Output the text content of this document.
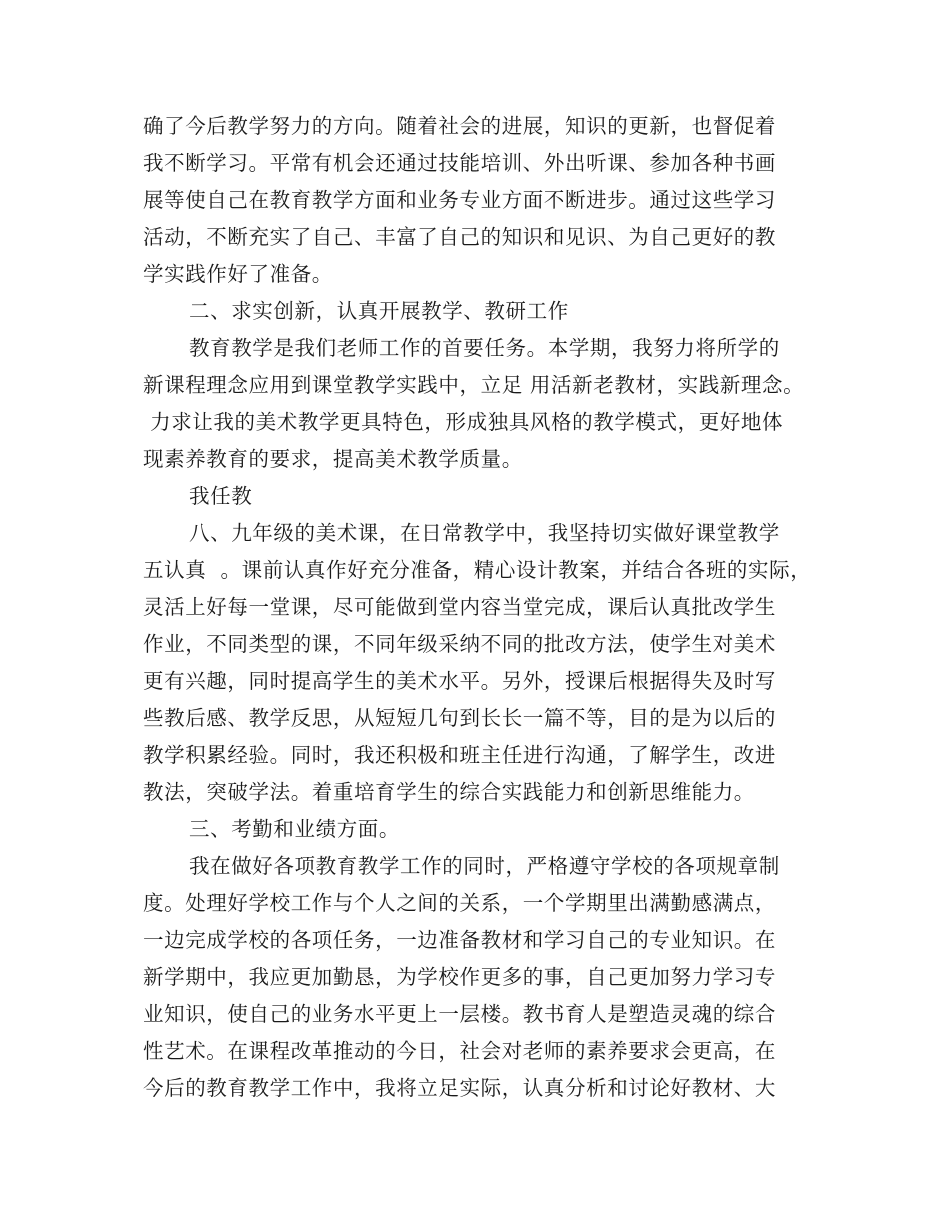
确了今后教学努力的方向。随着社会的进展，知识的更新，也督促着
我不断学习。平常有机会还通过技能培训、外出听课、参加各种书画
展等使自己在教育教学方面和业务专业方面不断进步。通过这些学习
活动，不断充实了自己、丰富了自己的知识和见识、为自己更好的教
学实践作好了准备。
二、求实创新，认真开展教学、教研工作
教育教学是我们老师工作的首要任务。本学期，我努力将所学的
新课程理念应用到课堂教学实践中，立足 用活新老教材，实践新理念。
力求让我的美术教学更具特色，形成独具风格的教学模式，更好地体
现素养教育的要求，提高美术教学质量。
我任教
八、九年级的美术课，在日常教学中，我坚持切实做好课堂教学
五认真  。课前认真作好充分准备，精心设计教案，并结合各班的实际，
灵活上好每一堂课，尽可能做到堂内容当堂完成，课后认真批改学生
作业，不同类型的课，不同年级采纳不同的批改方法，使学生对美术
更有兴趣，同时提高学生的美术水平。另外，授课后根据得失及时写
些教后感、教学反思，从短短几句到长长一篇不等，目的是为以后的
教学积累经验。同时，我还积极和班主任进行沟通，了解学生，改进
教法，突破学法。着重培育学生的综合实践能力和创新思维能力。
三、考勤和业绩方面。
我在做好各项教育教学工作的同时，严格遵守学校的各项规章制
度。处理好学校工作与个人之间的关系，一个学期里出满勤感满点，
一边完成学校的各项任务，一边准备教材和学习自己的专业知识。在
新学期中，我应更加勤恳，为学校作更多的事，自己更加努力学习专
业知识，使自己的业务水平更上一层楼。教书育人是塑造灵魂的综合
性艺术。在课程改革推动的今日，社会对老师的素养要求会更高，在
今后的教育教学工作中，我将立足实际，认真分析和讨论好教材、大
